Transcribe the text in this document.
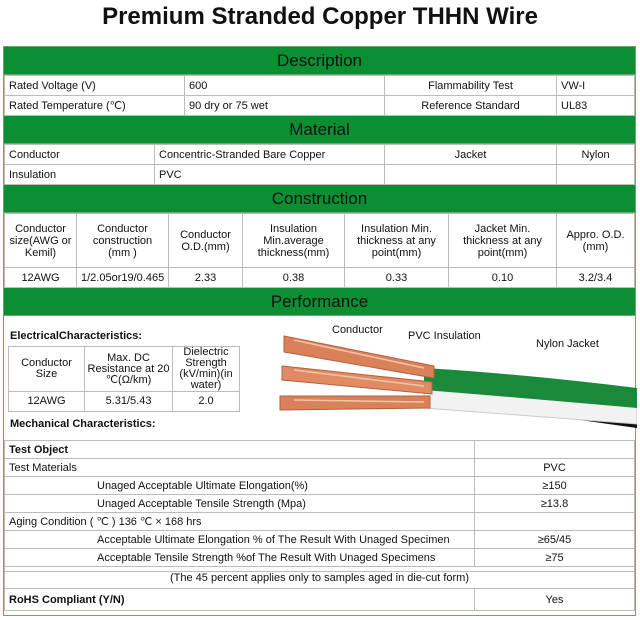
Premium Stranded Copper THHN Wire
Description
Rated Voltage (V)	600	Flammability Test	VW-I
Rated Temperature (℃)	90 dry or 75 wet	Reference Standard	UL83
Material
Conductor	Concentric-Stranded Bare Copper	Jacket	Nylon
Insulation	PVC		
Construction
Conductor size(AWG or Kemil)	Conductor construction (mm )	Conductor O.D.(mm)	Insulation Min.average thickness(mm)	Insulation Min. thickness at any point(mm)	Jacket Min. thickness at any point(mm)	Appro. O.D. (mm)
12AWG	1/2.05or19/0.465	2.33	0.38	0.33	0.10	3.2/3.4
Performance
ElectricalCharacteristics:
Conductor Size	Max. DC Resistance at 20 ℃(Ω/km)	Dielectric Strength (kV/min)(in water)
12AWG	5.31/5.43	2.0
Conductor PVC Insulation
Nylon Jacket
Mechanical Characteristics:
Test Object	
Test Materials	PVC
Unaged Acceptable Ultimate Elongation(%)	≥150
Unaged Acceptable Tensile Strength (Mpa)	≥13.8
Aging Condition ( ℃ ) 136 ℃ × 168 hrs	
Acceptable Ultimate Elongation % of The Result With Unaged Specimen	≥65/45
Acceptable Tensile Strength %of The Result With Unaged Specimens	≥75
(The 45 percent applies only to samples aged in die-cut form)	
RoHS Compliant (Y/N)	Yes
